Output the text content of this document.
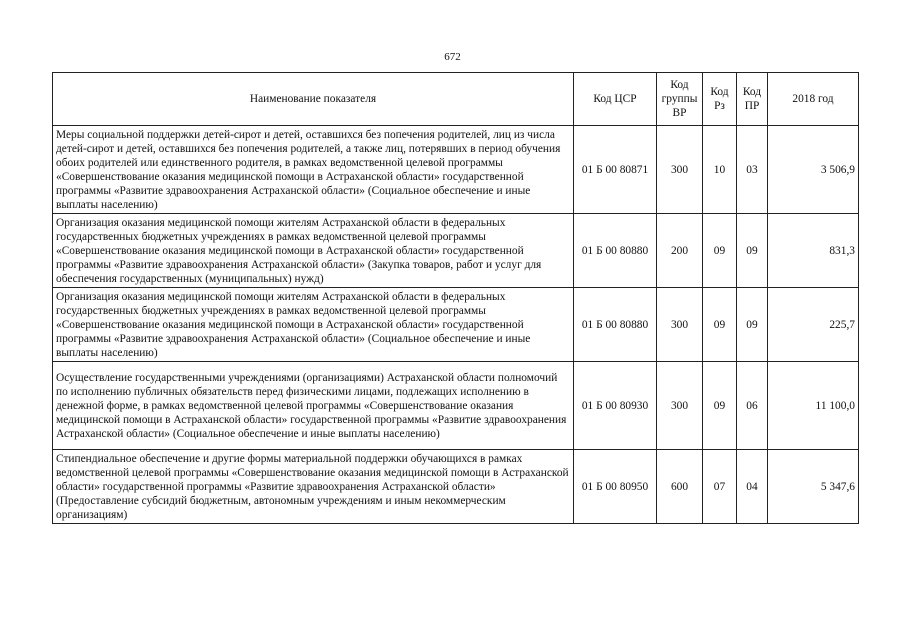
672
Наименование показателя	Код ЦСР	Код группы ВР	Код Рз	Код ПР	2018 год
Меры социальной поддержки детей-сирот и детей, оставшихся без попечения родителей, лиц из числа детей-сирот и детей, оставшихся без попечения родителей, а также лиц, потерявших в период обучения обоих родителей или единственного родителя, в рамках ведомственной целевой программы «Совершенствование оказания медицинской помощи в Астраханской области» государственной программы «Развитие здравоохранения Астраханской области» (Социальное обеспечение и иные выплаты населению)	01 Б 00 80871	300	10	03	3 506,9
Организация оказания медицинской помощи жителям Астраханской области в федеральных государственных бюджетных учреждениях в рамках ведомственной целевой программы «Совершенствование оказания медицинской помощи в Астраханской области» государственной программы «Развитие здравоохранения Астраханской области» (Закупка товаров, работ и услуг для обеспечения государственных (муниципальных) нужд)	01 Б 00 80880	200	09	09	831,3
Организация оказания медицинской помощи жителям Астраханской области в федеральных государственных бюджетных учреждениях в рамках ведомственной целевой программы «Совершенствование оказания медицинской помощи в Астраханской области» государственной программы «Развитие здравоохранения Астраханской области» (Социальное обеспечение и иные выплаты населению)	01 Б 00 80880	300	09	09	225,7
Осуществление государственными учреждениями (организациями) Астраханской области полномочий по исполнению публичных обязательств перед физическими лицами, подлежащих исполнению в денежной форме, в рамках ведомственной целевой программы «Совершенствование оказания медицинской помощи в Астраханской области» государственной программы «Развитие здравоохранения Астраханской области» (Социальное обеспечение и иные выплаты населению)	01 Б 00 80930	300	09	06	11 100,0
Стипендиальное обеспечение и другие формы материальной поддержки обучающихся в рамках ведомственной целевой программы «Совершенствование оказания медицинской помощи в Астраханской области» государственной программы «Развитие здравоохранения Астраханской области» (Предоставление субсидий бюджетным, автономным учреждениям и иным некоммерческим организациям)	01 Б 00 80950	600	07	04	5 347,6
